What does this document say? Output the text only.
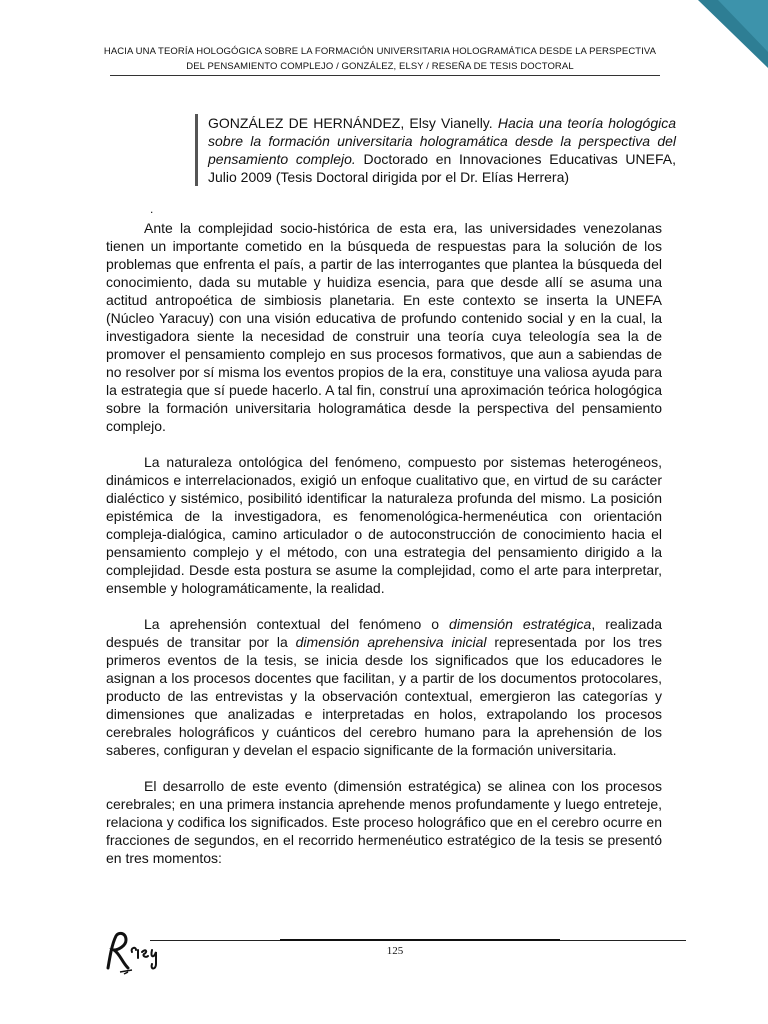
HACIA UNA TEORÍA HOLOGÓGICA SOBRE LA FORMACIÓN UNIVERSITARIA HOLOGRAMÁTICA DESDE LA PERSPECTIVA
DEL PENSAMIENTO COMPLEJO / GONZÁLEZ, ELSY / RESEÑA DE TESIS DOCTORAL
GONZÁLEZ DE HERNÁNDEZ, Elsy Vianelly. Hacia una teoría hologógica sobre la formación universitaria hologramática desde la perspectiva del pensamiento complejo. Doctorado en Innovaciones Educativas UNEFA, Julio 2009 (Tesis Doctoral dirigida por el Dr. Elías Herrera)
.

Ante la complejidad socio-histórica de esta era, las universidades venezolanas tienen un importante cometido en la búsqueda de respuestas para la solución de los problemas que enfrenta el país, a partir de las interrogantes que plantea la búsqueda del conocimiento, dada su mutable y huidiza esencia, para que desde allí se asuma una actitud antropoética de simbiosis planetaria. En este contexto se inserta la UNEFA (Núcleo Yaracuy) con una visión educativa de profundo contenido social y en la cual, la investigadora siente la necesidad de construir una teoría cuya teleología sea la de promover el pensamiento complejo en sus procesos formativos, que aun a sabiendas de no resolver por sí misma los eventos propios de la era, constituye una valiosa ayuda para la estrategia que sí puede hacerlo. A tal fin, construí una aproximación teórica hologógica sobre la formación universitaria hologramática desde la perspectiva del pensamiento complejo.

La naturaleza ontológica del fenómeno, compuesto por sistemas heterogéneos, dinámicos e interrelacionados, exigió un enfoque cualitativo que, en virtud de su carácter dialéctico y sistémico, posibilitó identificar la naturaleza profunda del mismo. La posición epistémica de la investigadora, es fenomenológica-hermenéutica con orientación compleja-dialógica, camino articulador o de autoconstrucción de conocimiento hacia el pensamiento complejo y el método, con una estrategia del pensamiento dirigido a la complejidad. Desde esta postura se asume la complejidad, como el arte para interpretar, ensemble y hologramáticamente, la realidad.

La aprehensión contextual del fenómeno o dimensión estratégica, realizada después de transitar por la dimensión aprehensiva inicial representada por los tres primeros eventos de la tesis, se inicia desde los significados que los educadores le asignan a los procesos docentes que facilitan, y a partir de los documentos protocolares, producto de las entrevistas y la observación contextual, emergieron las categorías y dimensiones que analizadas e interpretadas en holos, extrapolando los procesos cerebrales holográficos y cuánticos del cerebro humano para la aprehensión de los saberes, configuran y develan el espacio significante de la formación universitaria.

El desarrollo de este evento (dimensión estratégica) se alinea con los procesos cerebrales; en una primera instancia aprehende menos profundamente y luego entreteje, relaciona y codifica los significados. Este proceso holográfico que en el cerebro ocurre en fracciones de segundos, en el recorrido hermenéutico estratégico de la tesis se presentó en tres momentos:

125
